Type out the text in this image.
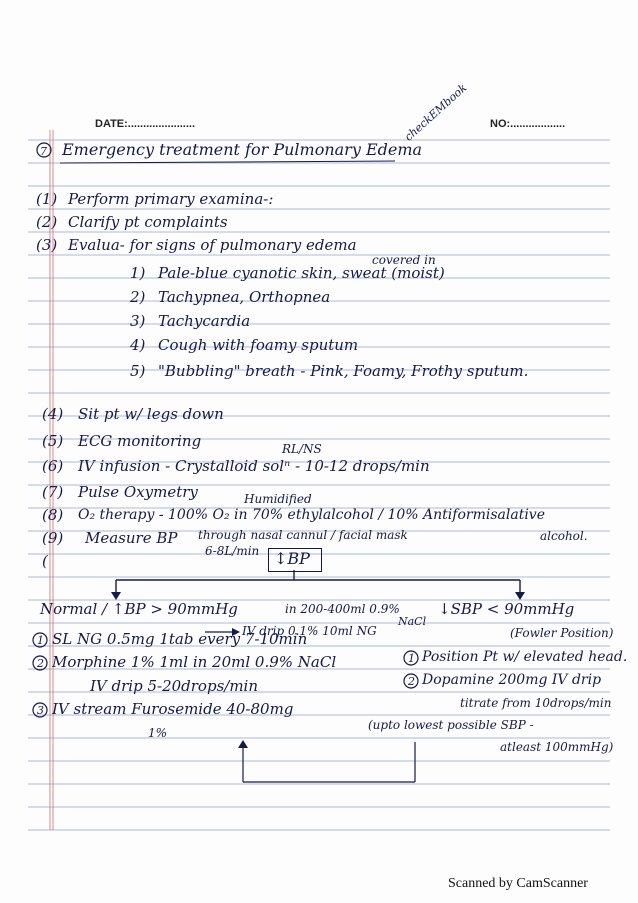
DATE:......................	NO:..................
checkEMbook
7 Emergency treatment for Pulmonary Edema
(1) Perform primary examina-:
(2) Clarify pt complaints
(3) Evalua- for signs of pulmonary edema
covered in
1) Pale-blue cyanotic skin, sweat (moist)
2) Tachypnea, Orthopnea
3) Tachycardia
4) Cough with foamy sputum
5) "Bubbling" breath - Pink, Foamy, Frothy sputum.
(4) Sit pt w/ legs down
(5) ECG monitoring	RL/NS
(6) IV infusion - Crystalloid solⁿ - 10-12 drops/min
(7) Pulse Oxymetry	Humidified
(8) O₂ therapy - 100% O₂ in 70% ethylalcohol / 10% Antiformisalative
alcohol.
(9) Measure BP through nasal cannul / facial mask
6-8L/min
(	↕BP
Normal / ↑BP > 90mmHg	in 200-400ml 0.9%
NaCl
IV drip 0.1% 10ml NG
↓SBP < 90mmHg
(Fowler Position)
1 SL NG 0.5mg 1tab every 7-10min
2 Morphine 1% 1ml in 20ml 0.9% NaCl
IV drip 5-20drops/min
3 IV stream Furosemide 40-80mg
1%
1 Position Pt w/ elevated head.
2 Dopamine 200mg IV drip
titrate from 10drops/min
(upto lowest possible SBP -
atleast 100mmHg)
Scanned by CamScanner
